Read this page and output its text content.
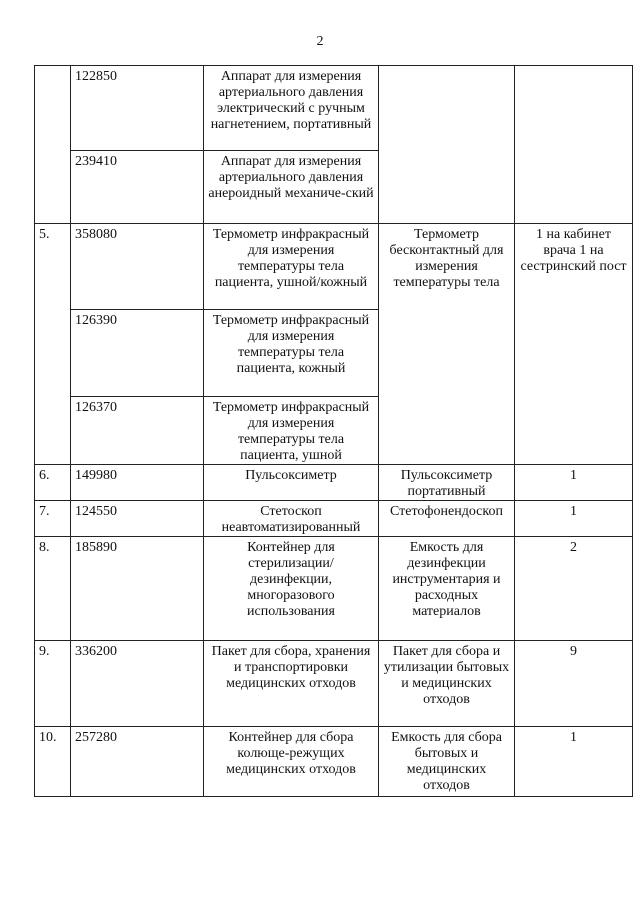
2
	122850	Аппарат для измерения артериального давления электрический с ручным нагнетением, портативный		
	239410	Аппарат для измерения артериального давления анероидный механиче-ский		
5.	358080	Термометр инфракрасный для измерения температуры тела пациента, ушной/кожный	Термометр бесконтактный для измерения температуры тела	1 на кабинет врача 1 на сестринский пост
	126390	Термометр инфракрасный для измерения температуры тела пациента, кожный		
	126370	Термометр инфракрасный для измерения температуры тела пациента, ушной		
6.	149980	Пульсоксиметр	Пульсоксиметр портативный	1
7.	124550	Стетоскоп неавтоматизированный	Стетофонендоскоп	1
8.	185890	Контейнер для стерилизации/ дезинфекции, многоразового использования	Емкость для дезинфекции инструментария и расходных материалов	2
9.	336200	Пакет для сбора, хранения и транспортировки медицинских отходов	Пакет для сбора и утилизации бытовых и медицинских отходов	9
10.	257280	Контейнер для сбора колюще-режущих медицинских отходов	Емкость для сбора бытовых и медицинских отходов	1
